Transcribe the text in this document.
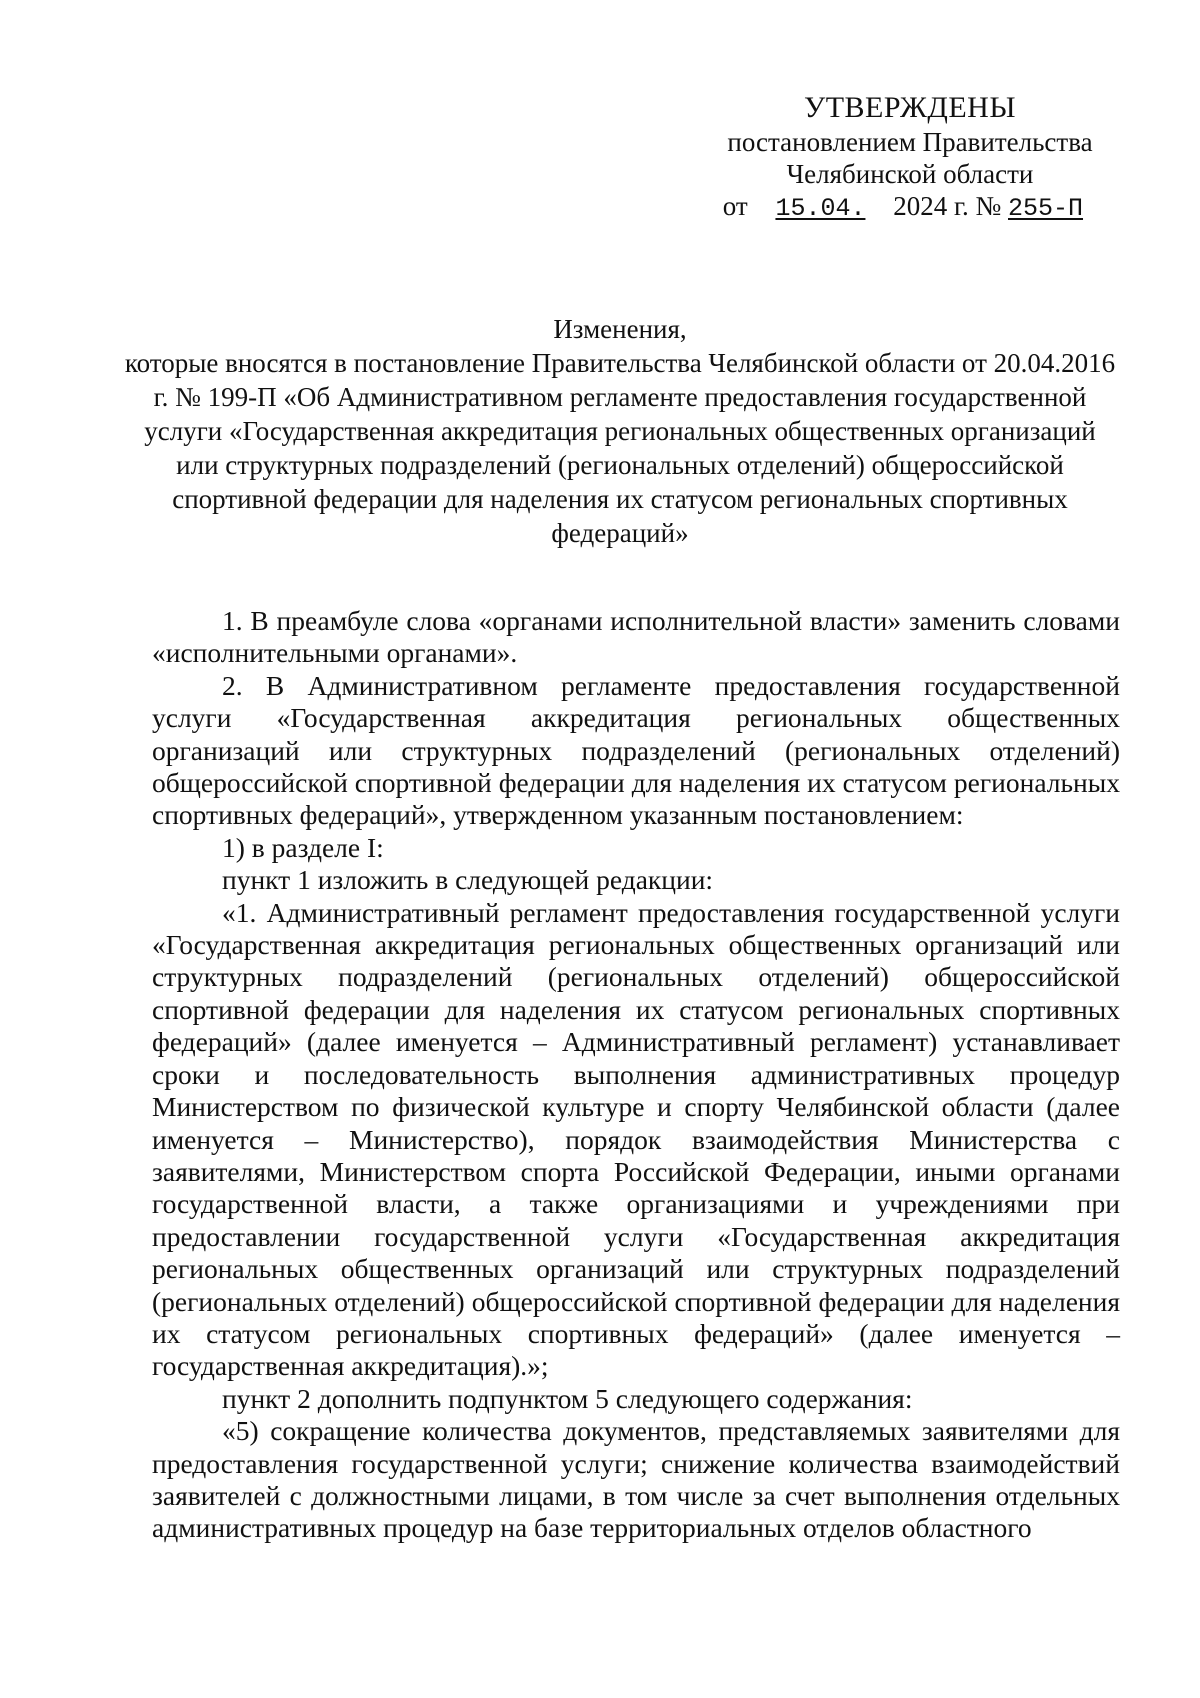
УТВЕРЖДЕНЫ
постановлением Правительства
Челябинской области
от 15.04. 2024 г. № 255-П
Изменения,
которые вносятся в постановление Правительства Челябинской области от 20.04.2016 г. № 199-П «Об Административном регламенте предоставления государственной услуги «Государственная аккредитация региональных общественных организаций или структурных подразделений (региональных отделений) общероссийской спортивной федерации для наделения их статусом региональных спортивных федераций»

1. В преамбуле слова «органами исполнительной власти» заменить словами «исполнительными органами».

2. В Административном регламенте предоставления государственной услуги «Государственная аккредитация региональных общественных организаций или структурных подразделений (региональных отделений) общероссийской спортивной федерации для наделения их статусом региональных спортивных федераций», утвержденном указанным постановлением:

1) в разделе I:

пункт 1 изложить в следующей редакции:

«1. Административный регламент предоставления государственной услуги «Государственная аккредитация региональных общественных организаций или структурных подразделений (региональных отделений) общероссийской спортивной федерации для наделения их статусом региональных спортивных федераций» (далее именуется – Административный регламент) устанавливает сроки и последовательность выполнения административных процедур Министерством по физической культуре и спорту Челябинской области (далее именуется – Министерство), порядок взаимодействия Министерства с заявителями, Министерством спорта Российской Федерации, иными органами государственной власти, а также организациями и учреждениями при предоставлении государственной услуги «Государственная аккредитация региональных общественных организаций или структурных подразделений (региональных отделений) общероссийской спортивной федерации для наделения их статусом региональных спортивных федераций» (далее именуется – государственная аккредитация).»;

пункт 2 дополнить подпунктом 5 следующего содержания:

«5) сокращение количества документов, представляемых заявителями для предоставления государственной услуги; снижение количества взаимодействий заявителей с должностными лицами, в том числе за счет выполнения отдельных административных процедур на базе территориальных отделов областного
